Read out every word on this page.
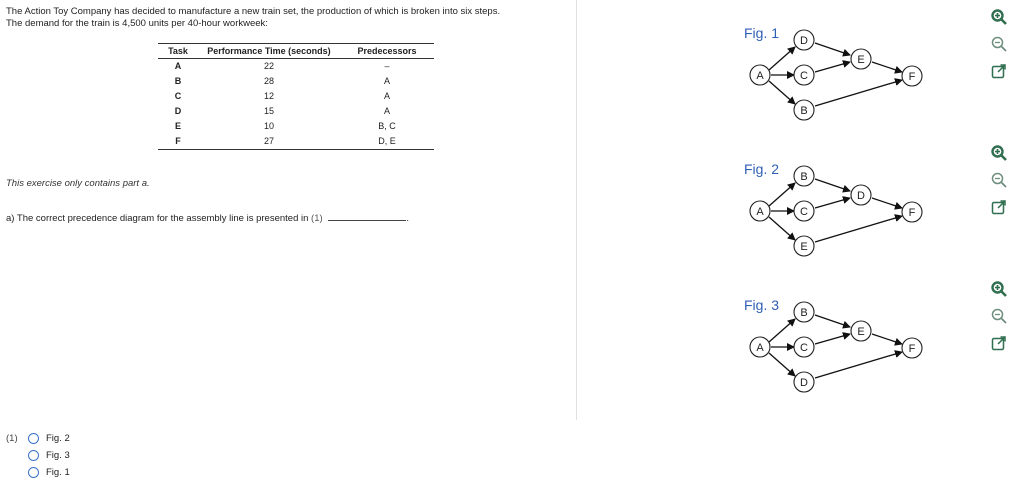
The Action Toy Company has decided to manufacture a new train set, the production of which is broken into six steps.
The demand for the train is 4,500 units per 40-hour workweek:
Task	Performance Time (seconds)	Predecessors
A	22	–
B	28	A
C	12	A
D	15	A
E	10	B, C
F	27	D, E
This exercise only contains part a.
a) The correct precedence diagram for the assembly line is presented in (1)	.
(1)	Fig. 2
Fig. 3
Fig. 1
Fig. 1 D
A	C
B
E
F
Fig. 2 B
A	C
E
D
F
Fig. 3 B
A	C
D
E
F
